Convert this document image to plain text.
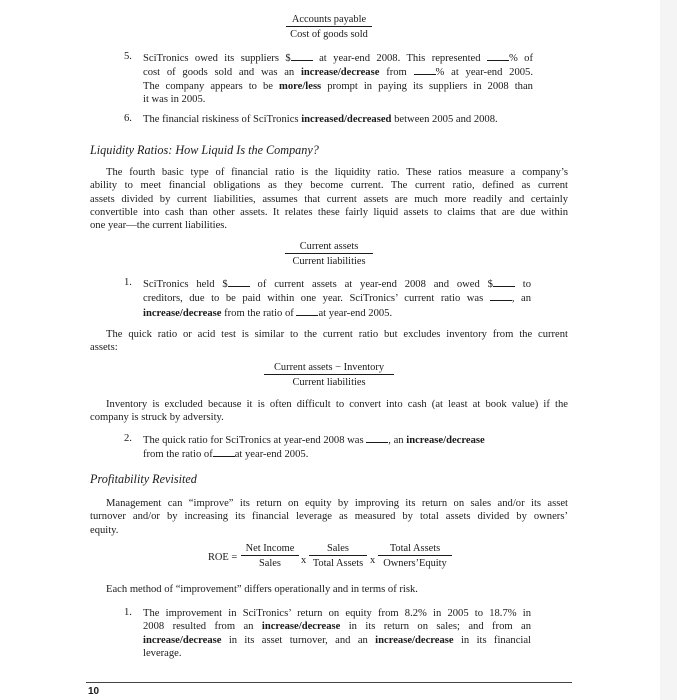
Accounts payable
Cost of goods sold
5. SciTronics owed its suppliers $	at year-end 2008. This represented	% of
cost of goods sold and was an increase/decrease from	% at year-end 2005.
The company appears to be more/less prompt in paying its suppliers in 2008 than
it was in 2005.
6. The financial riskiness of SciTronics increased/decreased between 2005 and 2008.
Liquidity Ratios: How Liquid Is the Company?
The fourth basic type of financial ratio is the liquidity ratio. These ratios measure a company’s
ability to meet financial obligations as they become current. The current ratio, defined as current
assets divided by current liabilities, assumes that current assets are much more readily and certainly
convertible into cash than other assets. It relates these fairly liquid assets to claims that are due within
one year—the current liabilities.
Current assets
Current liabilities
1. SciTronics held $	of current assets at year-end 2008 and owed $	to
creditors, due to be paid within one year. SciTronics’ current ratio was	, an
increase/decrease from the ratio of at year-end 2005.
The quick ratio or acid test is similar to the current ratio but excludes inventory from the current
assets:
Current assets − Inventory
Current liabilities
Inventory is excluded because it is often difficult to convert into cash (at least at book value) if the
company is struck by adversity.
2. The quick ratio for SciTronics at year-end 2008 was , an increase/decrease
from the ratio of at year-end 2005.
Profitability Revisited
Management can “improve” its return on equity by improving its return on sales and/or its asset
turnover and/or by increasing its financial leverage as measured by total assets divided by owners’
equity.
ROE =
Net Income
Sales	x
Sales
Total Assets x
Total Assets
Owners’Equity
Each method of “improvement” differs operationally and in terms of risk.
1. The improvement in SciTronics’ return on equity from 8.2% in 2005 to 18.7% in
2008 resulted from an increase/decrease in its return on sales; and from an
increase/decrease in its asset turnover, and an increase/decrease in its financial
leverage.
10
